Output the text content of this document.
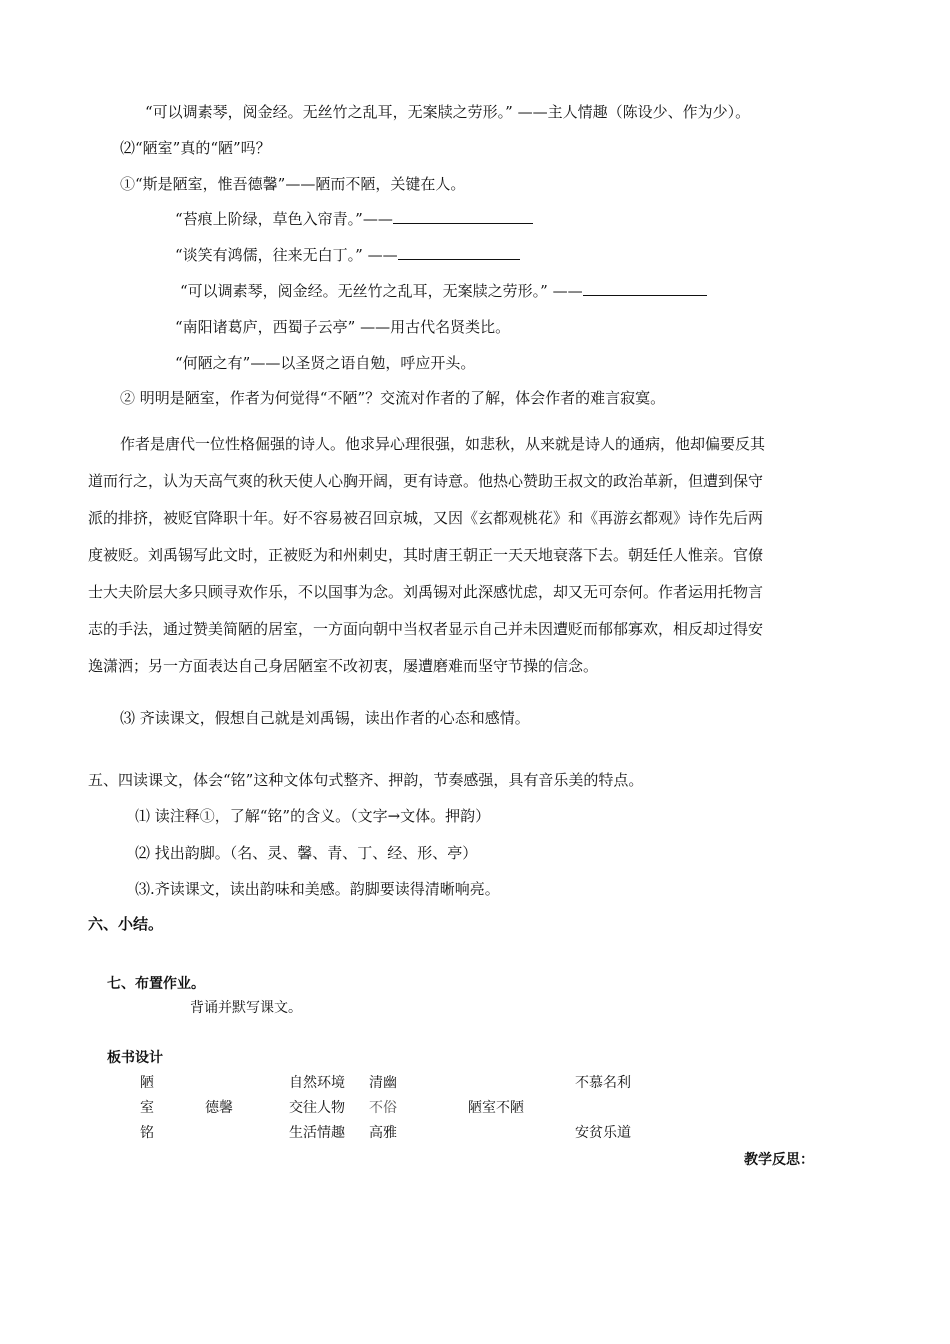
“可以调素琴，阅金经。无丝竹之乱耳，无案牍之劳形。” ——主人情趣（陈设少、作为少）。
⑵“陋室”真的“陋”吗？
①“斯是陋室，惟吾德馨”——陋而不陋，关键在人。
“苔痕上阶绿，草色入帘青。”——
“谈笑有鸿儒，往来无白丁。” ——
“可以调素琴，阅金经。无丝竹之乱耳，无案牍之劳形。” ——
“南阳诸葛庐，西蜀子云亭” ——用古代名贤类比。
“何陋之有”——以圣贤之语自勉，呼应开头。
② 明明是陋室，作者为何觉得“不陋”？交流对作者的了解，体会作者的难言寂寞。
作者是唐代一位性格倔强的诗人。他求异心理很强，如悲秋，从来就是诗人的通病，他却偏要反其
道而行之，认为天高气爽的秋天使人心胸开阔，更有诗意。他热心赞助王叔文的政治革新，但遭到保守
派的排挤，被贬官降职十年。好不容易被召回京城，又因《玄都观桃花》和《再游玄都观》诗作先后两
度被贬。刘禹锡写此文时，正被贬为和州刺史，其时唐王朝正一天天地衰落下去。朝廷任人惟亲。官僚
士大夫阶层大多只顾寻欢作乐，不以国事为念。刘禹锡对此深感忧虑，却又无可奈何。作者运用托物言
志的手法，通过赞美简陋的居室，一方面向朝中当权者显示自己并未因遭贬而郁郁寡欢，相反却过得安
逸潇洒；另一方面表达自己身居陋室不改初衷，屡遭磨难而坚守节操的信念。
⑶ 齐读课文，假想自己就是刘禹锡，读出作者的心态和感情。
五、四读课文，体会“铭”这种文体句式整齐、押韵，节奏感强，具有音乐美的特点。
⑴ 读注释①，了解“铭”的含义。（文字→文体。押韵）
⑵ 找出韵脚。（名、灵、馨、青、丁、经、形、亭）
⑶.齐读课文，读出韵味和美感。韵脚要读得清晰响亮。
六、小结。
七、布置作业。
背诵并默写课文。
板书设计
陋
室
铭
德馨
自然环境
交往人物
生活情趣
清幽
不俗
高雅
陋室不陋
不慕名利
安贫乐道
教学反思：
